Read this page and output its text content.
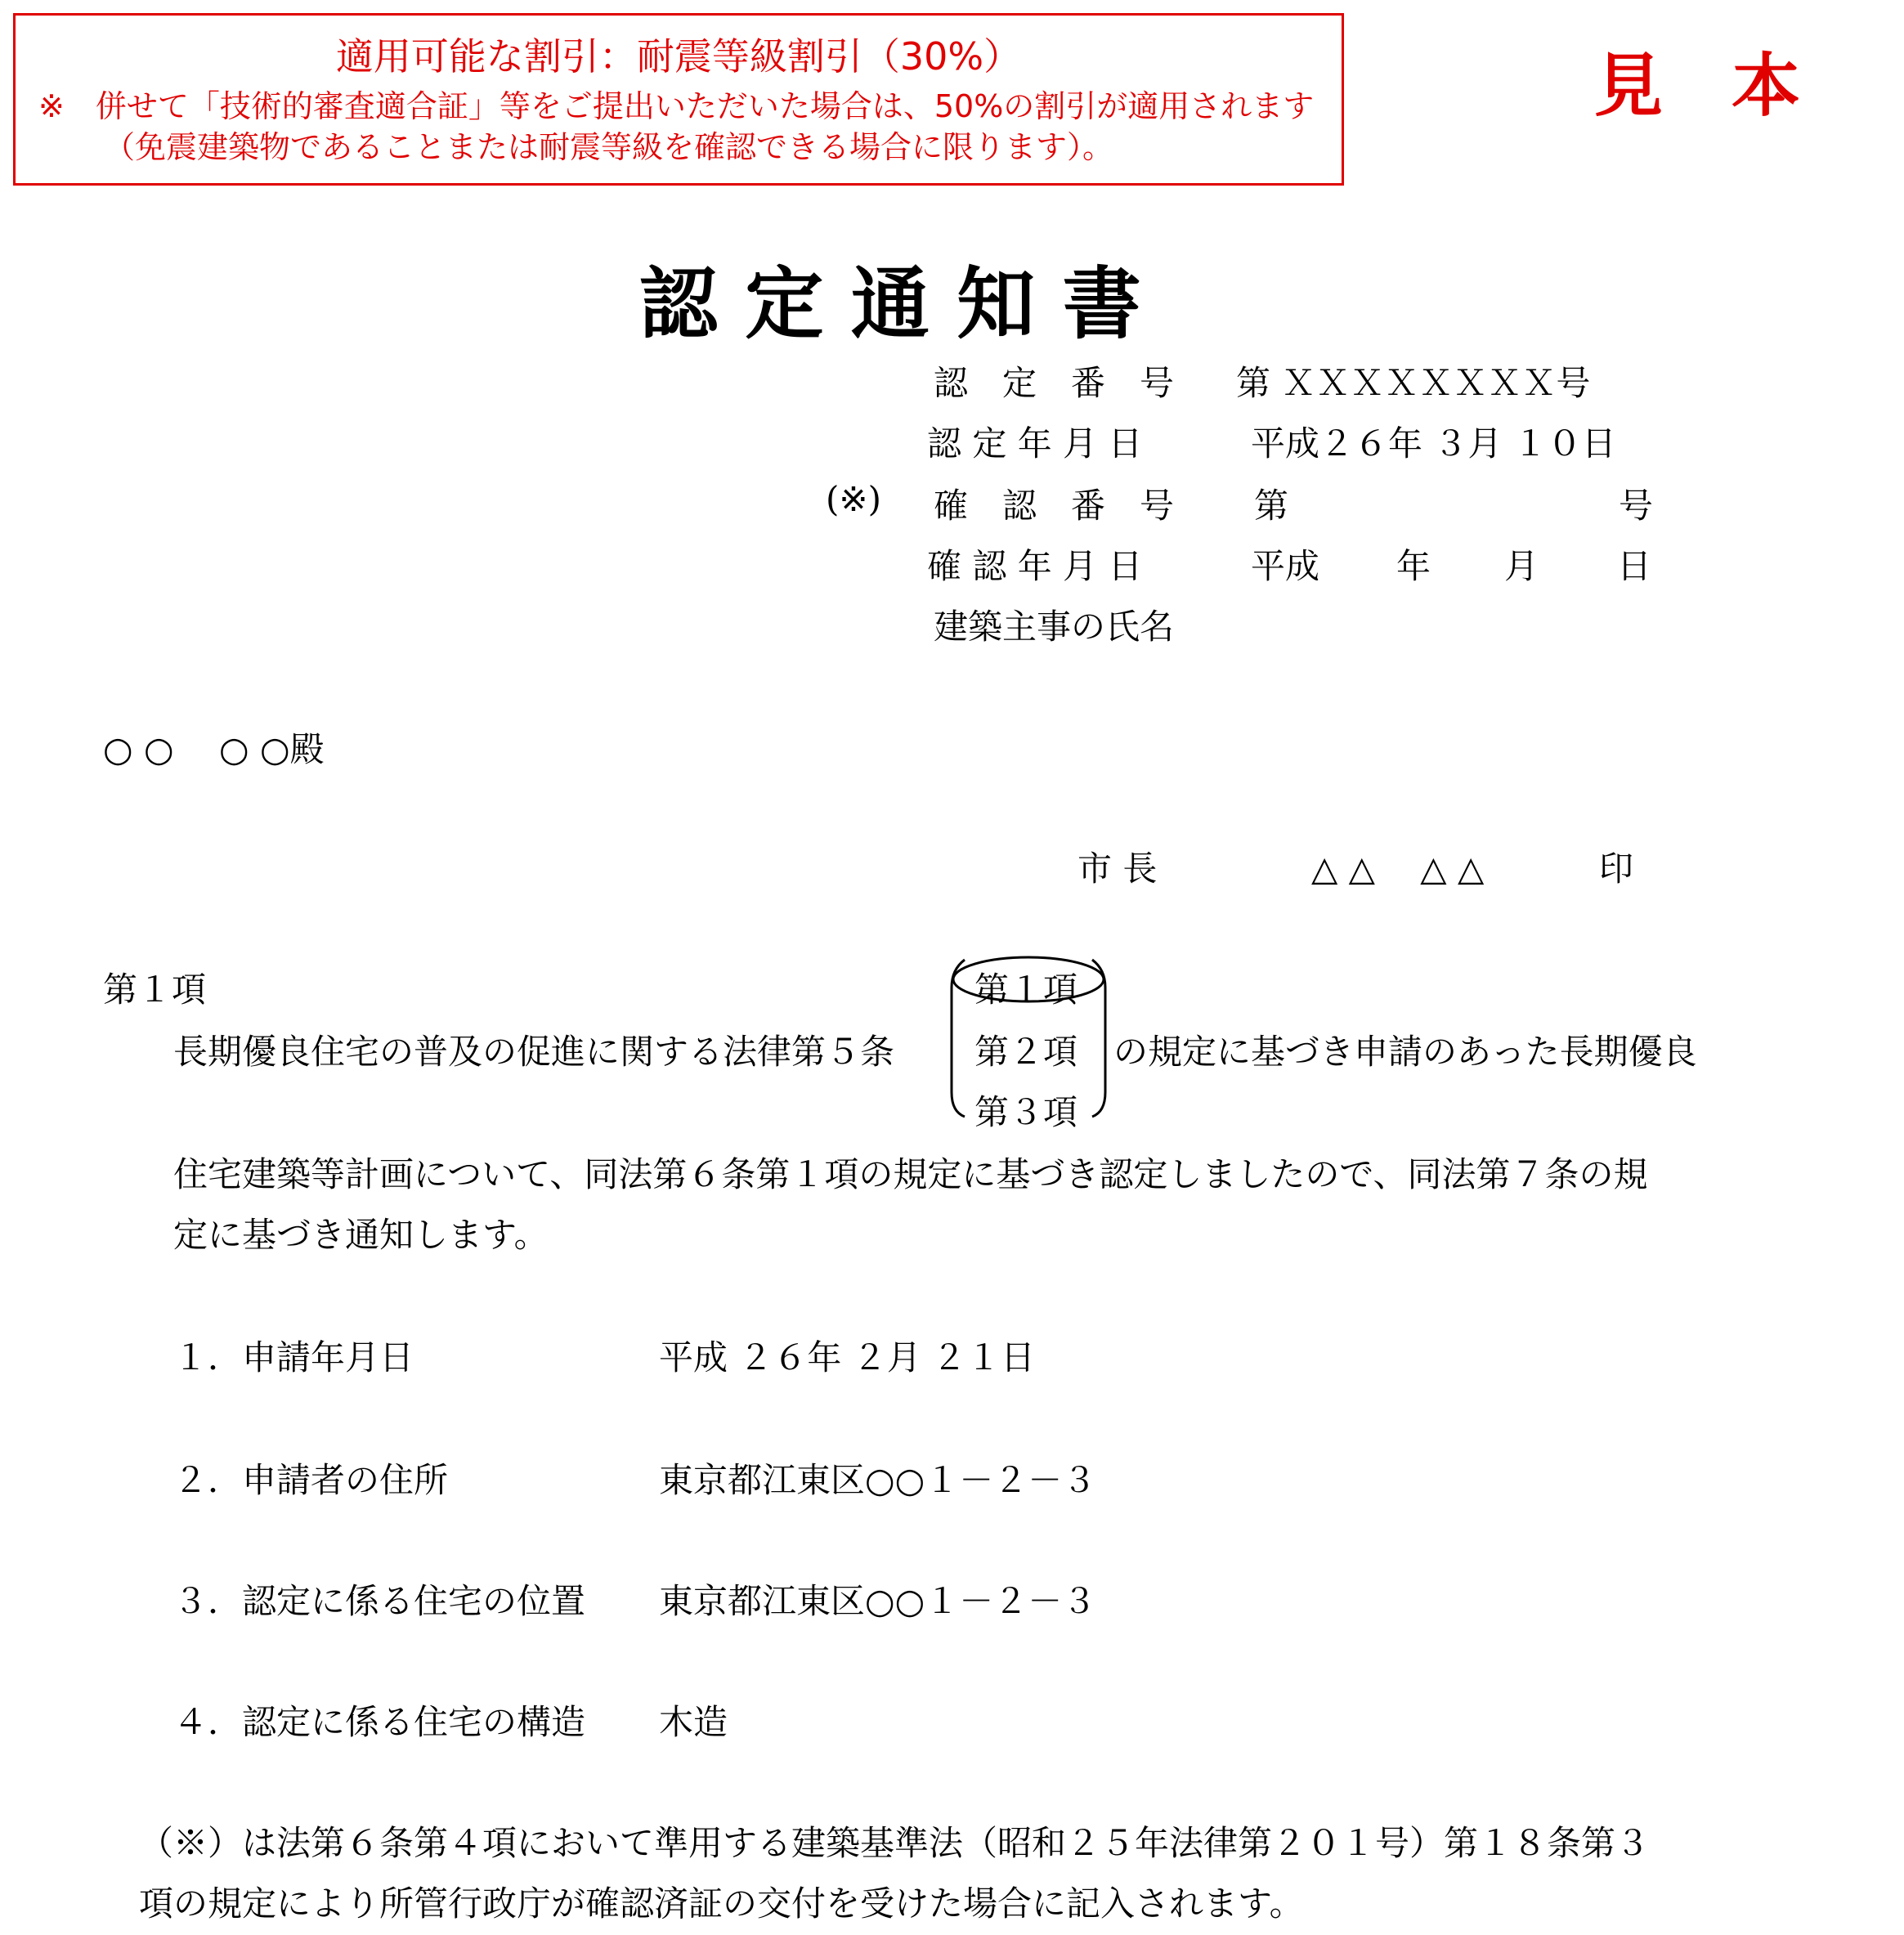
適用可能な割引：耐震等級割引（30%）
※　併せて「技術的審査適合証」等をご提出いただいた場合は、50%の割引が適用されます
（免震建築物であることまたは耐震等級を確認できる場合に限ります）。
見　本
認 定 通 知 書
認　定　番　号 第 ＸＸＸＸＸＸＸＸ号
認 定 年 月 日	平成２６年 ３月 １０日
(※) 確　認　番　号 第	号
確 認 年 月 日	平成 年 月 日
建築主事の氏名
○ ○　 ○ ○殿
市 長	△ △　 △ △	印
第１項
長期優良住宅の普及の促進に関する法律第５条
第１項
第２項
第３項
の規定に基づき申請のあった長期優良
住宅建築等計画について、同法第６条第１項の規定に基づき認定しましたので、同法第７条の規
定に基づき通知します。
１．申請年月日	平成 ２６年 ２月 ２１日
２．申請者の住所	東京都江東区○○１－２－３
３．認定に係る住宅の位置 東京都江東区○○１－２－３
４．認定に係る住宅の構造 木造
（※）は法第６条第４項において準用する建築基準法（昭和２５年法律第２０１号）第１８条第３
項の規定により所管行政庁が確認済証の交付を受けた場合に記入されます。
